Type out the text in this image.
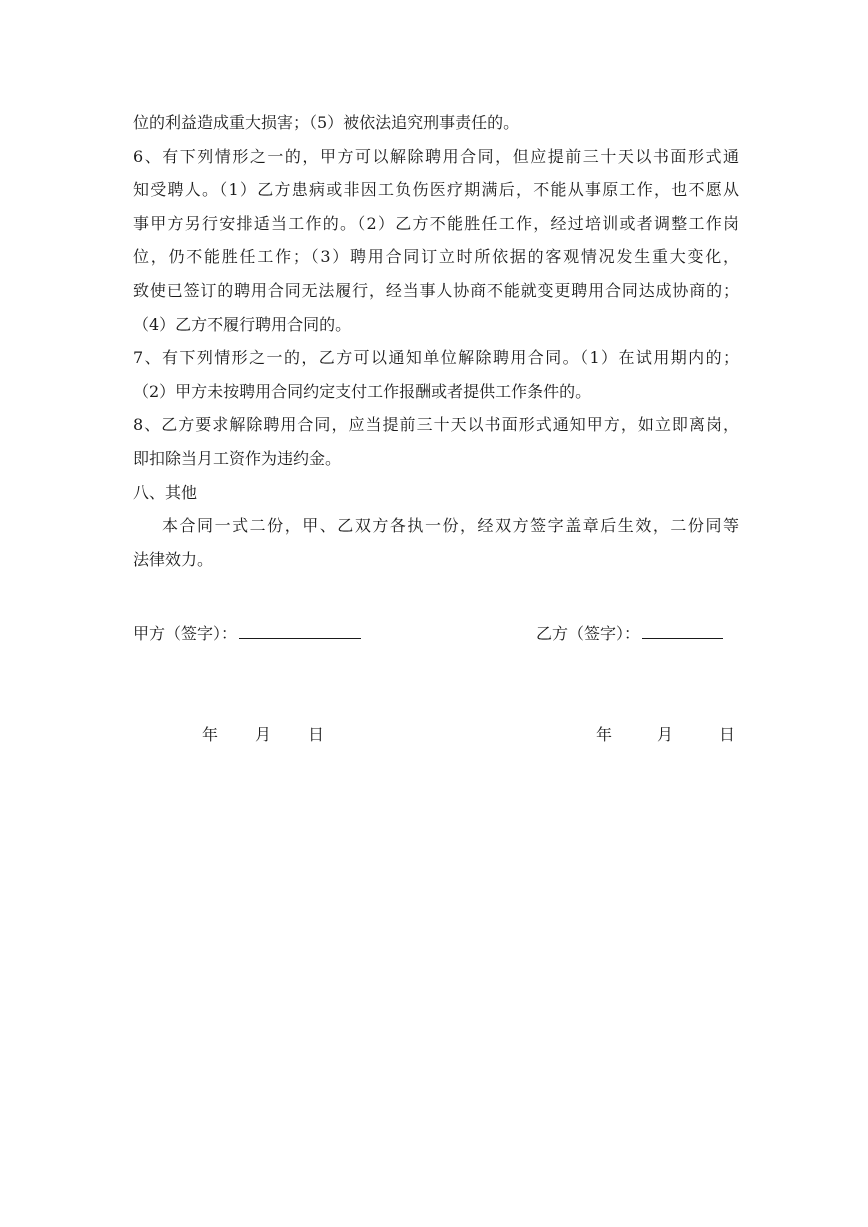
位的利益造成重大损害；（5）被依法追究刑事责任的。
6、有下列情形之一的，甲方可以解除聘用合同，但应提前三十天以书面形式通
知受聘人。（1）乙方患病或非因工负伤医疗期满后，不能从事原工作，也不愿从
事甲方另行安排适当工作的。（2）乙方不能胜任工作，经过培训或者调整工作岗
位，仍不能胜任工作；（3）聘用合同订立时所依据的客观情况发生重大变化，
致使已签订的聘用合同无法履行，经当事人协商不能就变更聘用合同达成协商的；
（4）乙方不履行聘用合同的。
7、有下列情形之一的，乙方可以通知单位解除聘用合同。（1）在试用期内的；
（2）甲方未按聘用合同约定支付工作报酬或者提供工作条件的。
8、乙方要求解除聘用合同，应当提前三十天以书面形式通知甲方，如立即离岗，
即扣除当月工资作为违约金。
八、其他
本合同一式二份，甲、乙双方各执一份，经双方签字盖章后生效，二份同等
法律效力。
甲方（签字）：	乙方（签字）：
年 月 日	年	月	日
